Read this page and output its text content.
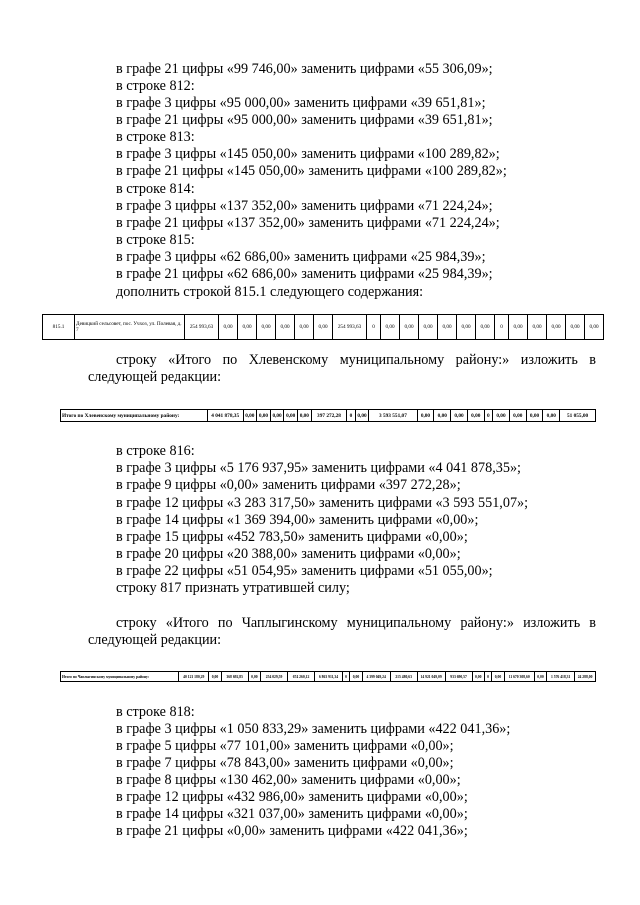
в графе 21 цифры «99 746,00» заменить цифрами «55 306,09»;
в строке 812:
в графе 3 цифры «95 000,00» заменить цифрами «39 651,81»;
в графе 21 цифры «95 000,00» заменить цифрами «39 651,81»;
в строке 813:
в графе 3 цифры «145 050,00» заменить цифрами «100 289,82»;
в графе 21 цифры «145 050,00» заменить цифрами «100 289,82»;
в строке 814:
в графе 3 цифры «137 352,00» заменить цифрами «71 224,24»;
в графе 21 цифры «137 352,00» заменить цифрами «71 224,24»;
в строке 815:
в графе 3 цифры «62 686,00» заменить цифрами «25 984,39»;
в графе 21 цифры «62 686,00» заменить цифрами «25 984,39»;
дополнить строкой 815.1 следующего содержания:
815.1	Девицкий сельсовет, пос. Учхоз, ул. Полевая, д. 7	254 993,63	0,00	0,00	0,00	0,00	0,00	0,00	254 993,63	0	0,00	0,00	0,00	0,00	0,00	0,00	0	0,00	0,00	0,00	0,00	0,00
строку «Итого по Хлевенскому муниципальному району:» изложить в
следующей редакции:
Итого по Хлевенскому муниципальному району:	4 041 878,35	0,00	0,00	0,00	0,00	0,00	397 272,28	0	0,00	3 593 551,07	0,00	0,00	0,00	0,00	0	0,00	0,00	0,00	0,00	51 055,00
в строке 816:
в графе 3 цифры «5 176 937,95» заменить цифрами «4 041 878,35»;
в графе 9 цифры «0,00» заменить цифрами «397 272,28»;
в графе 12 цифры «3 283 317,50» заменить цифрами «3 593 551,07»;
в графе 14 цифры «1 369 394,00» заменить цифрами «0,00»;
в графе 15 цифры «452 783,50» заменить цифрами «0,00»;
в графе 20 цифры «20 388,00» заменить цифрами «0,00»;
в графе 22 цифры «51 054,95» заменить цифрами «51 055,00»;
строку 817 признать утратившей силу;
строку «Итого по Чаплыгинскому муниципальному району:» изложить в
следующей редакции:
Итого по Чаплыгинскому муниципальному району:	40 121 180,29	0,00	368 692,85	0,00	254 029,59	674 260,12	6 863 911,34	0	0,00	4 399 049,24	215 480,63	14 921 049,09	933 690,57	0,00	0	0,00	11 670 308,60	0,00	1 576 418,31	24 288,00
в строке 818:
в графе 3 цифры «1 050 833,29» заменить цифрами «422 041,36»;
в графе 5 цифры «77 101,00» заменить цифрами «0,00»;
в графе 7 цифры «78 843,00» заменить цифрами «0,00»;
в графе 8 цифры «130 462,00» заменить цифрами «0,00»;
в графе 12 цифры «432 986,00» заменить цифрами «0,00»;
в графе 14 цифры «321 037,00» заменить цифрами «0,00»;
в графе 21 цифры «0,00» заменить цифрами «422 041,36»;
